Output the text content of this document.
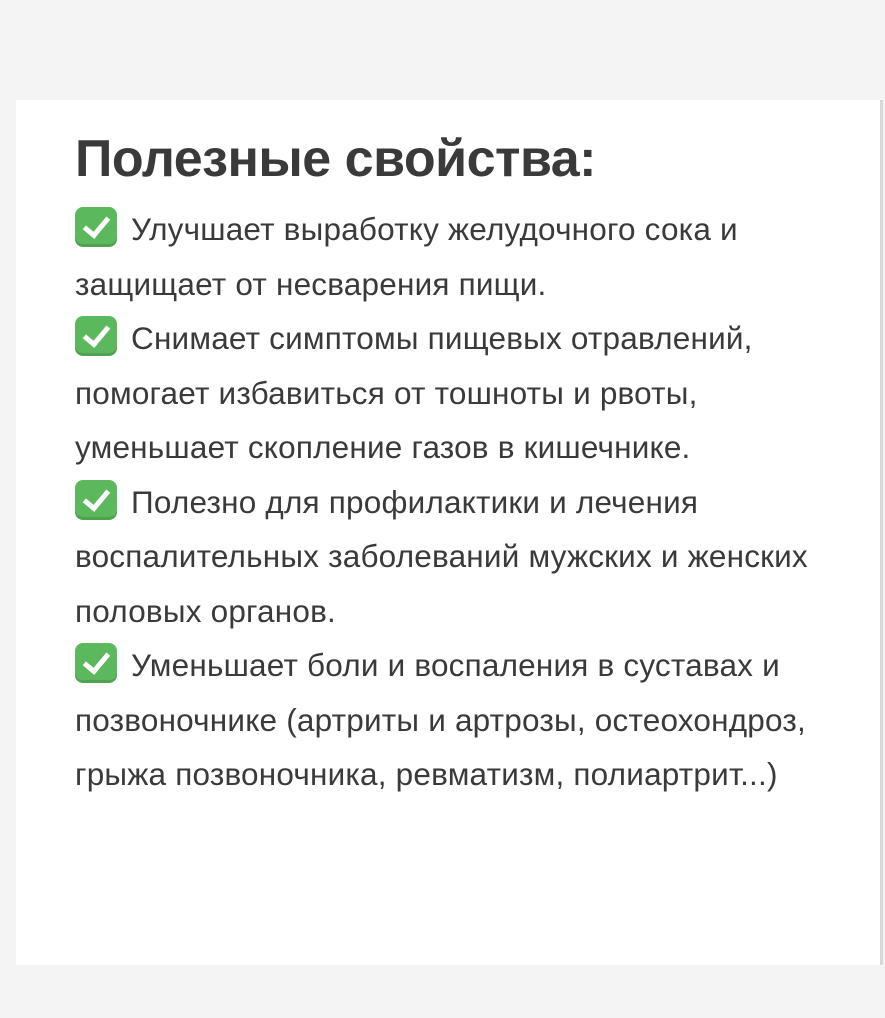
Полезные свойства:

Улучшает выработку желудочного сока и защищает от несварения пищи.

Снимает симптомы пищевых отравлений, помогает избавиться от тошноты и рвоты, уменьшает скопление газов в кишечнике.

Полезно для профилактики и лечения воспалительных заболеваний мужских и женских половых органов.

Уменьшает боли и воспаления в суставах и позвоночнике (артриты и артрозы, остеохондроз, грыжа позвоночника, ревматизм, полиартрит...)
